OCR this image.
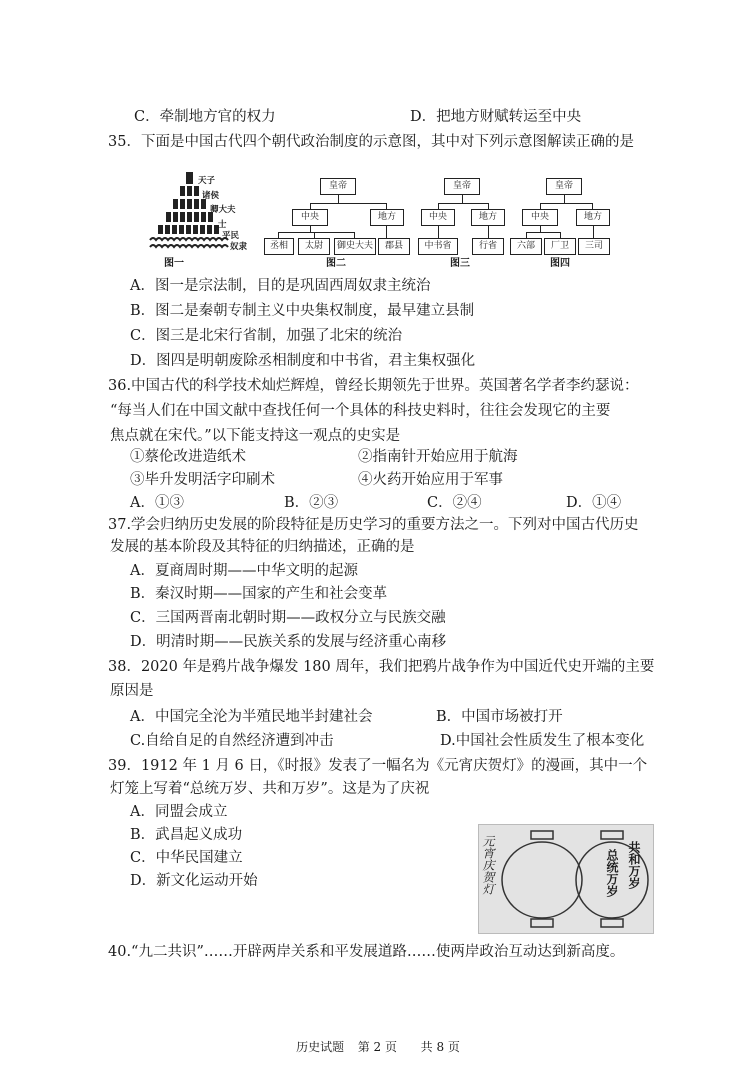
C．牵制地方官的权力	D．把地方财赋转运至中央
35．下面是中国古代四个朝代政治制度的示意图，其中对下列示意图解读正确的是
天子
诸侯
卿大夫
士
平民
奴隶
图一
皇帝
中央	地方
丞相	太尉	御史大夫	郡县
图二
皇帝
中央	地方
中书省	行省
图三
皇帝
中央	地方
六部	厂卫	三司
图四
A．图一是宗法制，目的是巩固西周奴隶主统治
B．图二是秦朝专制主义中央集权制度，最早建立县制
C．图三是北宋行省制，加强了北宋的统治
D．图四是明朝废除丞相制度和中书省，君主集权强化
36.中国古代的科学技术灿烂辉煌，曾经长期领先于世界。英国著名学者李约瑟说：
“每当人们在中国文献中查找任何一个具体的科技史料时，往往会发现它的主要
焦点就在宋代。”以下能支持这一观点的史实是
①蔡伦改进造纸术	②指南针开始应用于航海
③毕升发明活字印刷术	④火药开始应用于军事
A．①③	B．②③	C．②④	D．①④
37.学会归纳历史发展的阶段特征是历史学习的重要方法之一。下列对中国古代历史
发展的基本阶段及其特征的归纳描述，正确的是
A．夏商周时期——中华文明的起源
B．秦汉时期——国家的产生和社会变革
C．三国两晋南北朝时期——政权分立与民族交融
D．明清时期——民族关系的发展与经济重心南移
38．2020 年是鸦片战争爆发 180 周年，我们把鸦片战争作为中国近代史开端的主要
原因是
A．中国完全沦为半殖民地半封建社会	B．中国市场被打开
C.自给自足的自然经济遭到冲击	D.中国社会性质发生了根本变化
39．1912 年 1 月 6 日，《时报》发表了一幅名为《元宵庆贺灯》的漫画，其中一个
灯笼上写着“总统万岁、共和万岁”。这是为了庆祝
A．同盟会成立
B．武昌起义成功
C．中华民国建立
D．新文化运动开始	元宵庆贺灯	共和万岁
总统万岁
40.“九二共识”……开辟两岸关系和平发展道路……使两岸政治互动达到新高度。
历史试题 第 2 页 共 8 页
